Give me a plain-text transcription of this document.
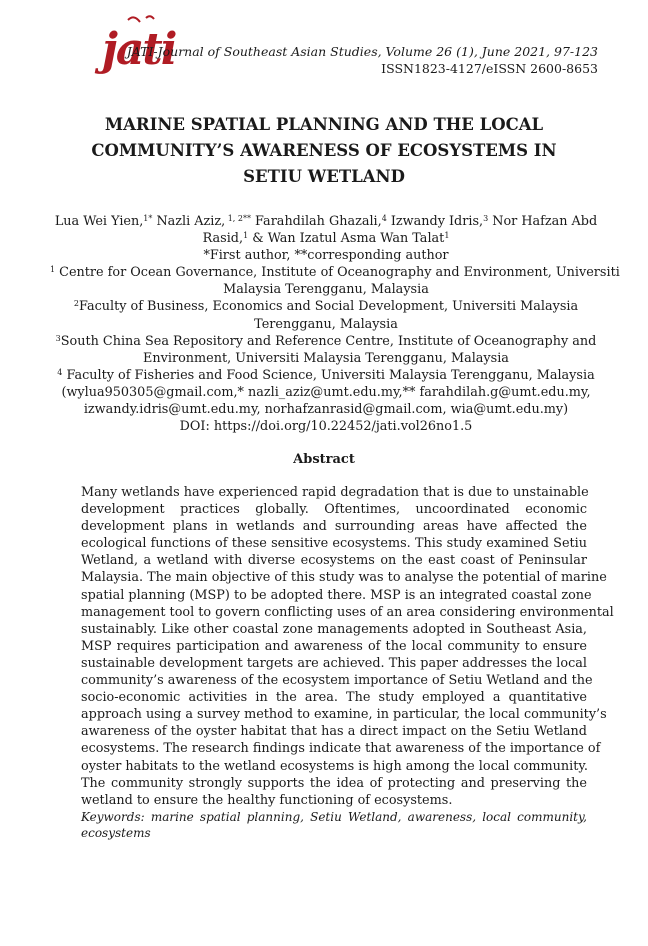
jati
JATI-Journal of Southeast Asian Studies, Volume 26 (1), June 2021, 97-123
ISSN1823-4127/eISSN 2600-8653
MARINE SPATIAL PLANNING AND THE LOCAL
COMMUNITY’S AWARENESS OF ECOSYSTEMS IN
SETIU WETLAND
Lua Wei Yien,$^{1*}$ Nazli Aziz, $^{1, 2**}$ Farahdilah Ghazali,$^4$ Izwandy Idris,$^3$ Nor Hafzan Abd
Rasid,$^1$ & Wan Izatul Asma Wan Talat$^1$
*First author, **corresponding author
$^1$ Centre for Ocean Governance, Institute of Oceanography and Environment, Universiti
Malaysia Terengganu, Malaysia
$^2$Faculty of Business, Economics and Social Development, Universiti Malaysia
Terengganu, Malaysia
$^3$South China Sea Repository and Reference Centre, Institute of Oceanography and
Environment, Universiti Malaysia Terengganu, Malaysia
$^4$ Faculty of Fisheries and Food Science, Universiti Malaysia Terengganu, Malaysia
(wylua950305@gmail.com,* nazli_aziz@umt.edu.my,** farahdilah.g@umt.edu.my,
izwandy.idris@umt.edu.my, norhafzanrasid@gmail.com, wia@umt.edu.my)
DOI: https://doi.org/10.22452/jati.vol26no1.5
Abstract
Many wetlands have experienced rapid degradation that is due to unstainable
development practices globally. Oftentimes, uncoordinated economic
development plans in wetlands and surrounding areas have affected the
ecological functions of these sensitive ecosystems. This study examined Setiu
Wetland, a wetland with diverse ecosystems on the east coast of Peninsular
Malaysia. The main objective of this study was to analyse the potential of marine
spatial planning (MSP) to be adopted there. MSP is an integrated coastal zone
management tool to govern conflicting uses of an area considering environmental
sustainably. Like other coastal zone managements adopted in Southeast Asia,
MSP requires participation and awareness of the local community to ensure
sustainable development targets are achieved. This paper addresses the local
community’s awareness of the ecosystem importance of Setiu Wetland and the
socio-economic activities in the area. The study employed a quantitative
approach using a survey method to examine, in particular, the local community’s
awareness of the oyster habitat that has a direct impact on the Setiu Wetland
ecosystems. The research findings indicate that awareness of the importance of
oyster habitats to the wetland ecosystems is high among the local community.
The community strongly supports the idea of protecting and preserving the
wetland to ensure the healthy functioning of ecosystems.
Keywords: marine spatial planning, Setiu Wetland, awareness, local community,
ecosystems
